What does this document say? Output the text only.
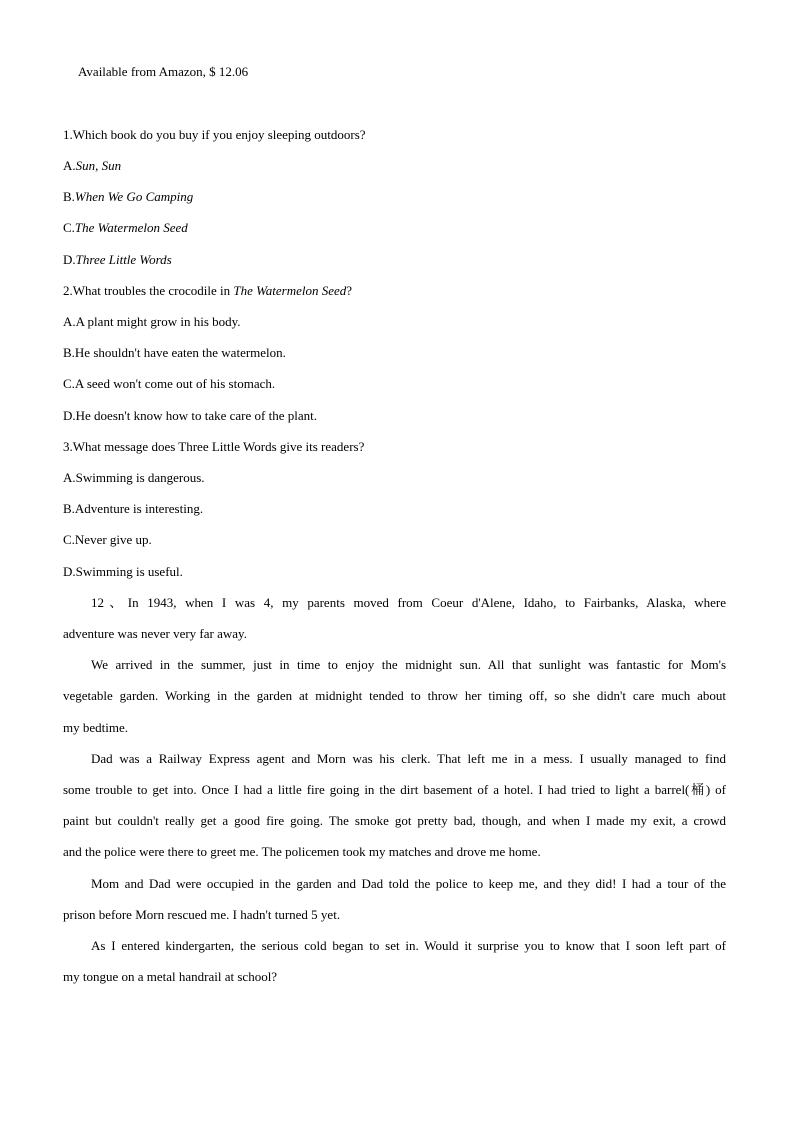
Available from Amazon, $ 12.06
1.Which book do you buy if you enjoy sleeping outdoors?
A.Sun, Sun
B.When We Go Camping
C.The Watermelon Seed
D.Three Little Words
2.What troubles the crocodile in The Watermelon Seed?
A.A plant might grow in his body.
B.He shouldn't have eaten the watermelon.
C.A seed won't come out of his stomach.
D.He doesn't know how to take care of the plant.
3.What message does Three Little Words give its readers?
A.Swimming is dangerous.
B.Adventure is interesting.
C.Never give up.
D.Swimming is useful.
12、In 1943, when I was 4, my parents moved from Coeur d'Alene, Idaho, to Fairbanks, Alaska, where
adventure was never very far away.
We arrived in the summer, just in time to enjoy the midnight sun. All that sunlight was fantastic for Mom's
vegetable garden. Working in the garden at midnight tended to throw her timing off, so she didn't care much about
my bedtime.
Dad was a Railway Express agent and Morn was his clerk. That left me in a mess. I usually managed to find
some trouble to get into. Once I had a little fire going in the dirt basement of a hotel. I had tried to light a barrel(桶) of
paint but couldn't really get a good fire going. The smoke got pretty bad, though, and when I made my exit, a crowd
and the police were there to greet me. The policemen took my matches and drove me home.
Mom and Dad were occupied in the garden and Dad told the police to keep me, and they did! I had a tour of the
prison before Morn rescued me. I hadn't turned 5 yet.
As I entered kindergarten, the serious cold began to set in. Would it surprise you to know that I soon left part of
my tongue on a metal handrail at school?
